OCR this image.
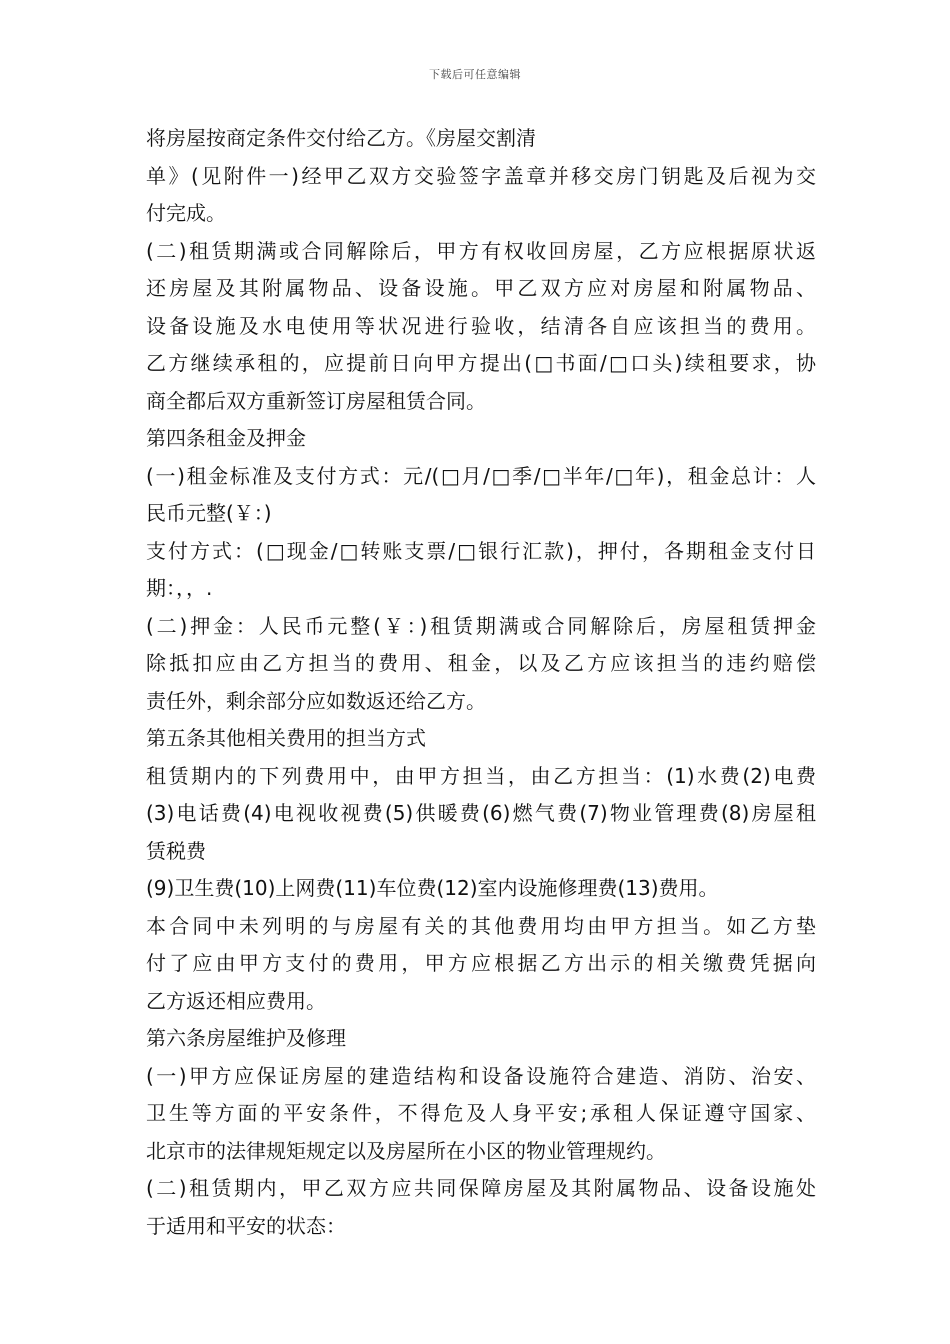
下载后可任意编辑
将房屋按商定条件交付给乙方。《房屋交割清
单》(见附件一)经甲乙双方交验签字盖章并移交房门钥匙及后视为交
付完成。
(二)租赁期满或合同解除后，甲方有权收回房屋，乙方应根据原状返
还房屋及其附属物品、设备设施。甲乙双方应对房屋和附属物品、
设备设施及水电使用等状况进行验收，结清各自应该担当的费用。
乙方继续承租的，应提前日向甲方提出(□书面/□口头)续租要求，协
商全都后双方重新签订房屋租赁合同。
第四条租金及押金
(一)租金标准及支付方式：元/(□月/□季/□半年/□年)，租金总计：人
民币元整(￥：)
支付方式：(□现金/□转账支票/□银行汇款)，押付，各期租金支付日
期：，，.
(二)押金：人民币元整(￥：)租赁期满或合同解除后，房屋租赁押金
除抵扣应由乙方担当的费用、租金，以及乙方应该担当的违约赔偿
责任外，剩余部分应如数返还给乙方。
第五条其他相关费用的担当方式
租赁期内的下列费用中，由甲方担当，由乙方担当：(1)水费(2)电费
(3)电话费(4)电视收视费(5)供暖费(6)燃气费(7)物业管理费(8)房屋租
赁税费
(9)卫生费(10)上网费(11)车位费(12)室内设施修理费(13)费用。
本合同中未列明的与房屋有关的其他费用均由甲方担当。如乙方垫
付了应由甲方支付的费用，甲方应根据乙方出示的相关缴费凭据向
乙方返还相应费用。
第六条房屋维护及修理
(一)甲方应保证房屋的建造结构和设备设施符合建造、消防、治安、
卫生等方面的平安条件，不得危及人身平安;承租人保证遵守国家、
北京市的法律规矩规定以及房屋所在小区的物业管理规约。
(二)租赁期内，甲乙双方应共同保障房屋及其附属物品、设备设施处
于适用和平安的状态：
